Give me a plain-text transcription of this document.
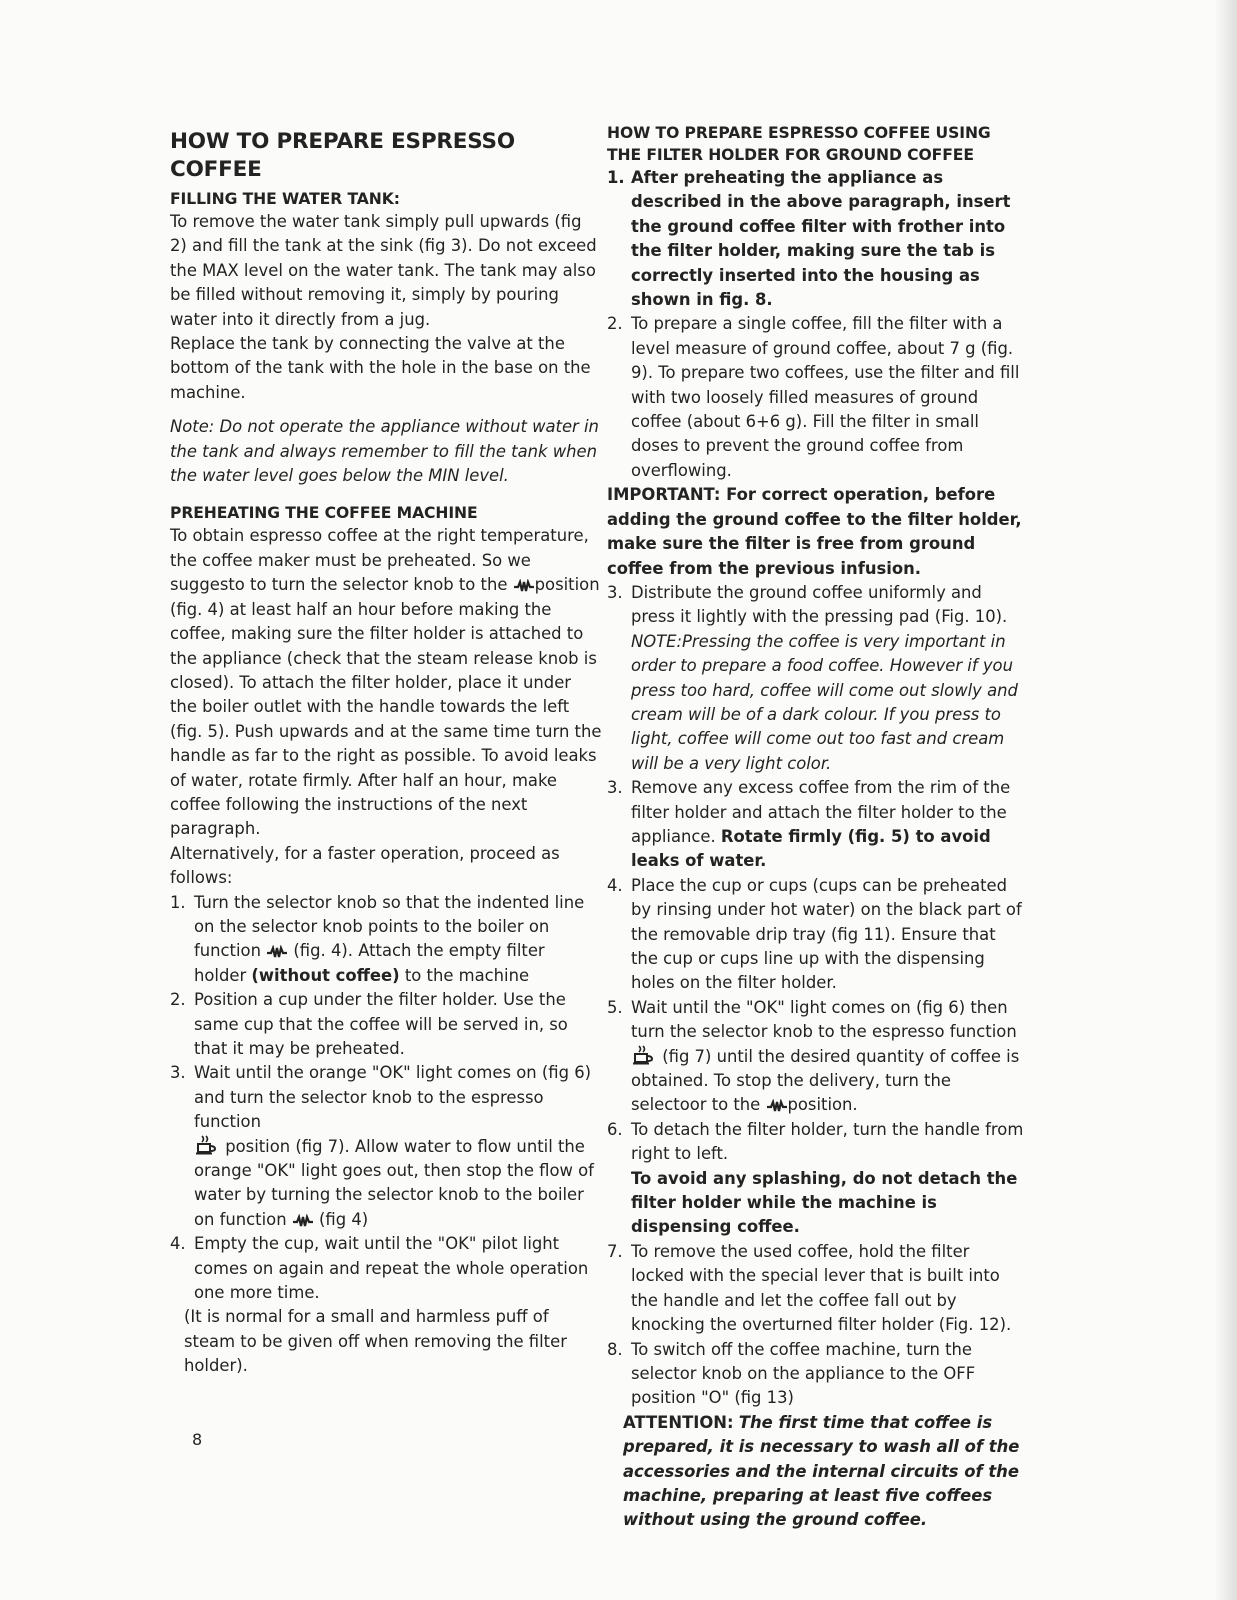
HOW TO PREPARE ESPRESSO COFFEE
FILLING THE WATER TANK:

To remove the water tank simply pull upwards (fig 2) and fill the tank at the sink (fig 3). Do not exceed the MAX level on the water tank. The tank may also be filled without removing it, simply by pouring water into it directly from a jug.

Replace the tank by connecting the valve at the bottom of the tank with the hole in the base on the machine.

Note: Do not operate the appliance without water in the tank and always remember to fill the tank when the water level goes below the MIN level.

PREHEATING THE COFFEE MACHINE

To obtain espresso coffee at the right temperature, the coffee maker must be preheated. So we suggesto to turn the selector knob to the position (fig. 4) at least half an hour before making the coffee, making sure the filter holder is attached to the appliance (check that the steam release knob is closed). To attach the filter holder, place it under the boiler outlet with the handle towards the left (fig. 5). Push upwards and at the same time turn the handle as far to the right as possible. To avoid leaks of water, rotate firmly. After half an hour, make coffee following the instructions of the next paragraph.

Alternatively, for a faster operation, proceed as follows:

1. Turn the selector knob so that the indented line on the selector knob points to the boiler on function (fig. 4). Attach the empty filter holder (without coffee) to the machine
2. Position a cup under the filter holder. Use the same cup that the coffee will be served in, so that it may be preheated.
3. Wait until the orange "OK" light comes on (fig 6) and turn the selector knob to the espresso function
position (fig 7). Allow water to flow until the orange "OK" light goes out, then stop the flow of water by turning the selector knob to the boiler on function (fig 4)
4. Empty the cup, wait until the "OK" pilot light comes on again and repeat the whole operation one more time.

(It is normal for a small and harmless puff of steam to be given off when removing the filter holder).

HOW TO PREPARE ESPRESSO COFFEE USING THE FILTER HOLDER FOR GROUND COFFEE
1. After preheating the appliance as described in the above paragraph, insert the ground coffee filter with frother into the filter holder, making sure the tab is correctly inserted into the housing as shown in fig. 8.
2. To prepare a single coffee, fill the filter with a level measure of ground coffee, about 7 g (fig. 9). To prepare two coffees, use the filter and fill with two loosely filled measures of ground coffee (about 6+6 g). Fill the filter in small doses to prevent the ground coffee from overflowing.

IMPORTANT: For correct operation, before adding the ground coffee to the filter holder, make sure the filter is free from ground coffee from the previous infusion.

3. Distribute the ground coffee uniformly and press it lightly with the pressing pad (Fig. 10).

NOTE:Pressing the coffee is very important in order to prepare a food coffee. However if you press too hard, coffee will come out slowly and cream will be of a dark colour. If you press to light, coffee will come out too fast and cream will be a very light color.

3. Remove any excess coffee from the rim of the filter holder and attach the filter holder to the appliance. Rotate firmly (fig. 5) to avoid leaks of water.
4. Place the cup or cups (cups can be preheated by rinsing under hot water) on the black part of the removable drip tray (fig 11). Ensure that the cup or cups line up with the dispensing holes on the filter holder.
5. Wait until the "OK" light comes on (fig 6) then turn the selector knob to the espresso function  (fig 7) until the desired quantity of coffee is obtained. To stop the delivery, turn the selectoor to the position.
6. To detach the filter holder, turn the handle from right to left.

To avoid any splashing, do not detach the filter holder while the machine is dispensing coffee.

7. To remove the used coffee, hold the filter locked with the special lever that is built into the handle and let the coffee fall out by knocking the overturned filter holder (Fig. 12).
8. To switch off the coffee machine, turn the selector knob on the appliance to the OFF position "O" (fig 13)

ATTENTION: The first time that coffee is prepared, it is necessary to wash all of the accessories and the internal circuits of the machine, preparing at least five coffees without using the ground coffee.

8
